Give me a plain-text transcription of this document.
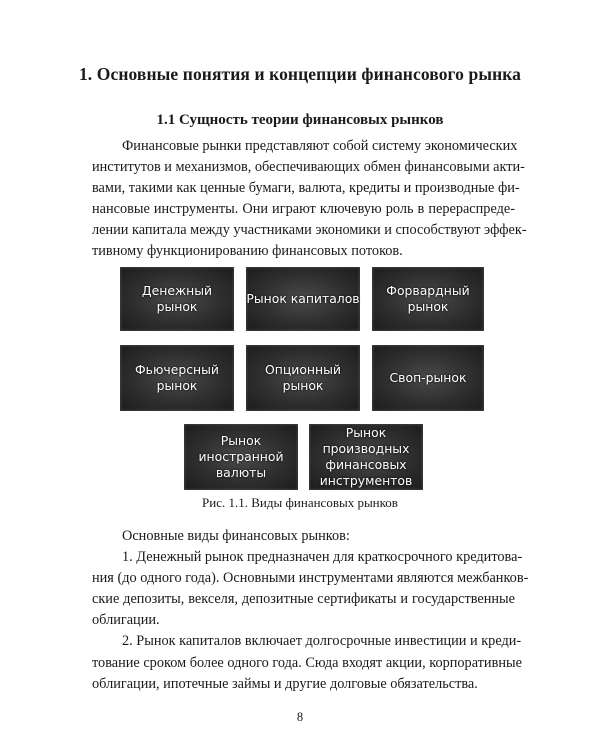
1. Основные понятия и концепции финансового рынка
1.1 Сущность теории финансовых рынков
Финансовые рынки представляют собой систему экономических
институтов и механизмов, обеспечивающих обмен финансовыми акти-
вами, такими как ценные бумаги, валюта, кредиты и производные фи-
нансовые инструменты. Они играют ключевую роль в перераспреде-
лении капитала между участниками экономики и способствуют эффек-
тивному функционированию финансовых потоков.
Денежный рынок
Рынок капиталов
Форвардный
рынок
Фьючерсный
рынок
Опционный
рынок
Своп-рынок
Рынок
иностранной
валюты
Рынок
производных
финансовых
инструментов
Рис. 1.1. Виды финансовых рынков
Основные виды финансовых рынков:
1. Денежный рынок предназначен для краткосрочного кредитова-
ния (до одного года). Основными инструментами являются межбанков-
ские депозиты, векселя, депозитные сертификаты и государственные
облигации.
2. Рынок капиталов включает долгосрочные инвестиции и креди-
тование сроком более одного года. Сюда входят акции, корпоративные
облигации, ипотечные займы и другие долговые обязательства.
8
